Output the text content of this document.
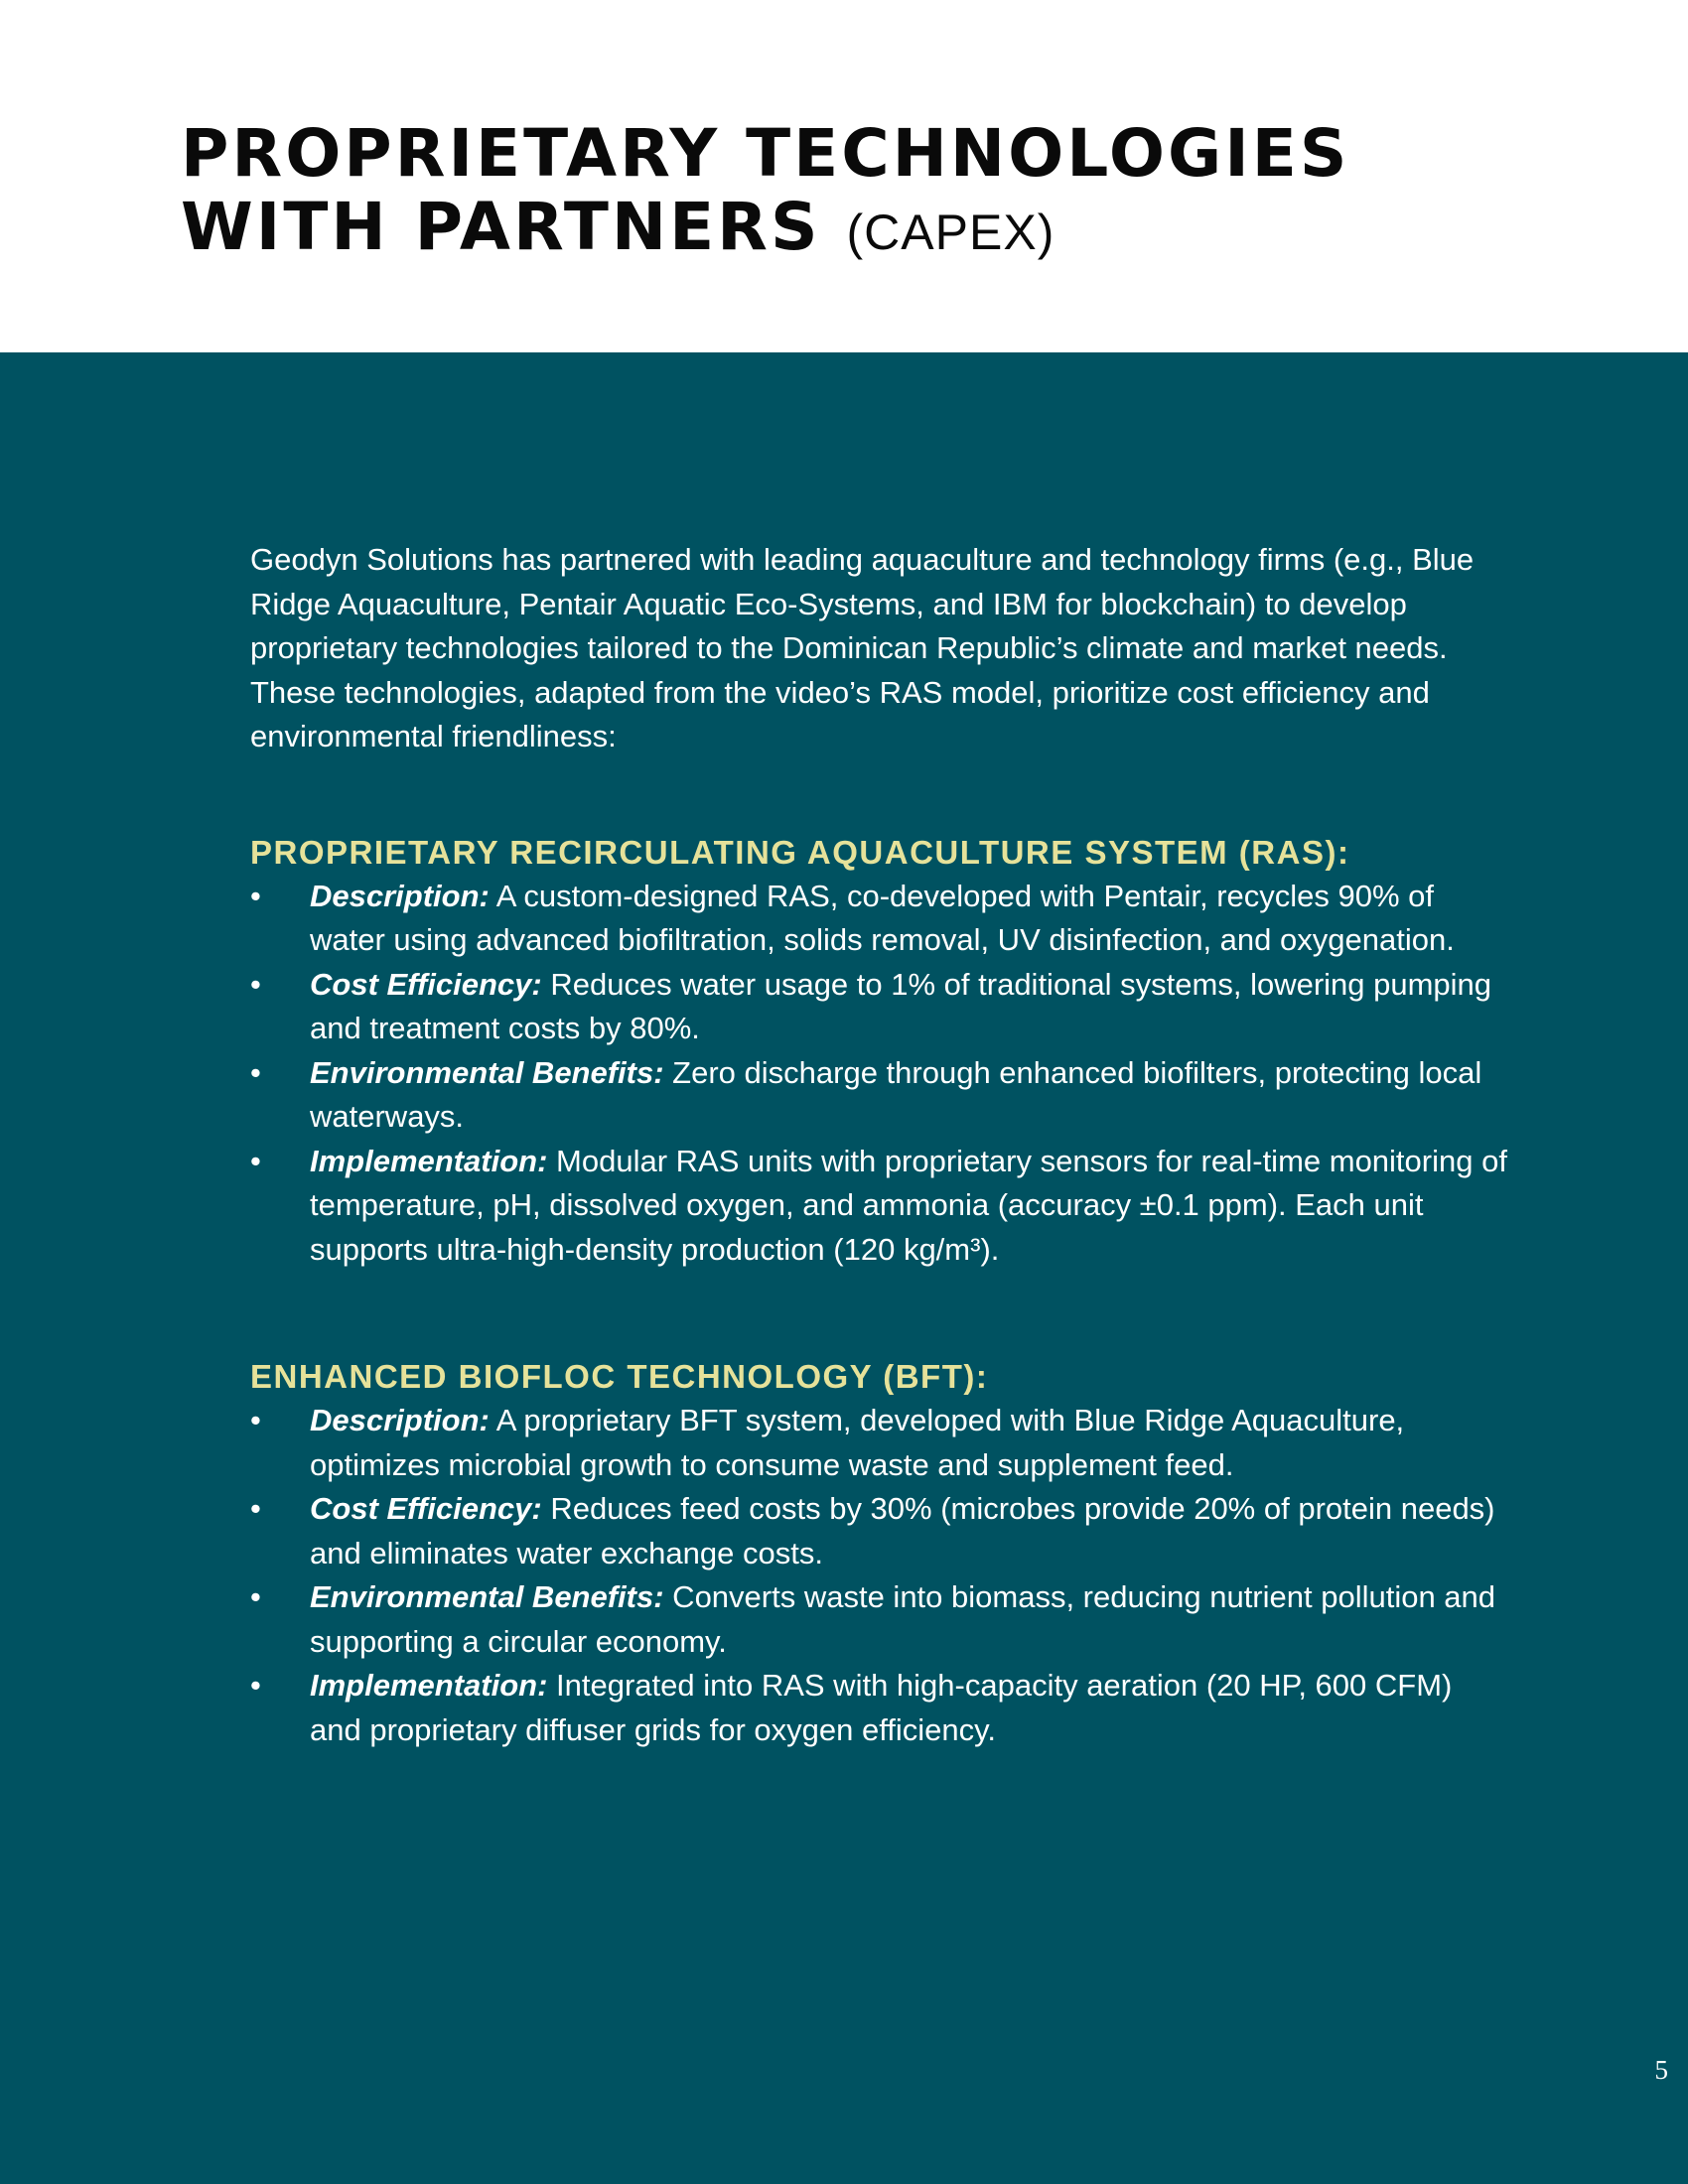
PROPRIETARY TECHNOLOGIES
WITH PARTNERS (CAPEX)

Geodyn Solutions has partnered with leading aquaculture and technology firms (e.g., Blue Ridge Aquaculture, Pentair Aquatic Eco-Systems, and IBM for blockchain) to develop proprietary technologies tailored to the Dominican Republic’s climate and market needs. These technologies, adapted from the video’s RAS model, prioritize cost efficiency and environmental friendliness:

PROPRIETARY RECIRCULATING AQUACULTURE SYSTEM (RAS):
• Description: A custom-designed RAS, co-developed with Pentair, recycles 90% of water using advanced biofiltration, solids removal, UV disinfection, and oxygenation.
• Cost Efficiency: Reduces water usage to 1% of traditional systems, lowering pumping and treatment costs by 80%.
• Environmental Benefits: Zero discharge through enhanced biofilters, protecting local waterways.
• Implementation: Modular RAS units with proprietary sensors for real-time monitoring of temperature, pH, dissolved oxygen, and ammonia (accuracy ±0.1 ppm). Each unit supports ultra-high-density production (120 kg/m³).
ENHANCED BIOFLOC TECHNOLOGY (BFT):
• Description: A proprietary BFT system, developed with Blue Ridge Aquaculture, optimizes microbial growth to consume waste and supplement feed.
• Cost Efficiency: Reduces feed costs by 30% (microbes provide 20% of protein needs) and eliminates water exchange costs.
• Environmental Benefits: Converts waste into biomass, reducing nutrient pollution and supporting a circular economy.
• Implementation: Integrated into RAS with high-capacity aeration (20 HP, 600 CFM) and proprietary diffuser grids for oxygen efficiency.
5
